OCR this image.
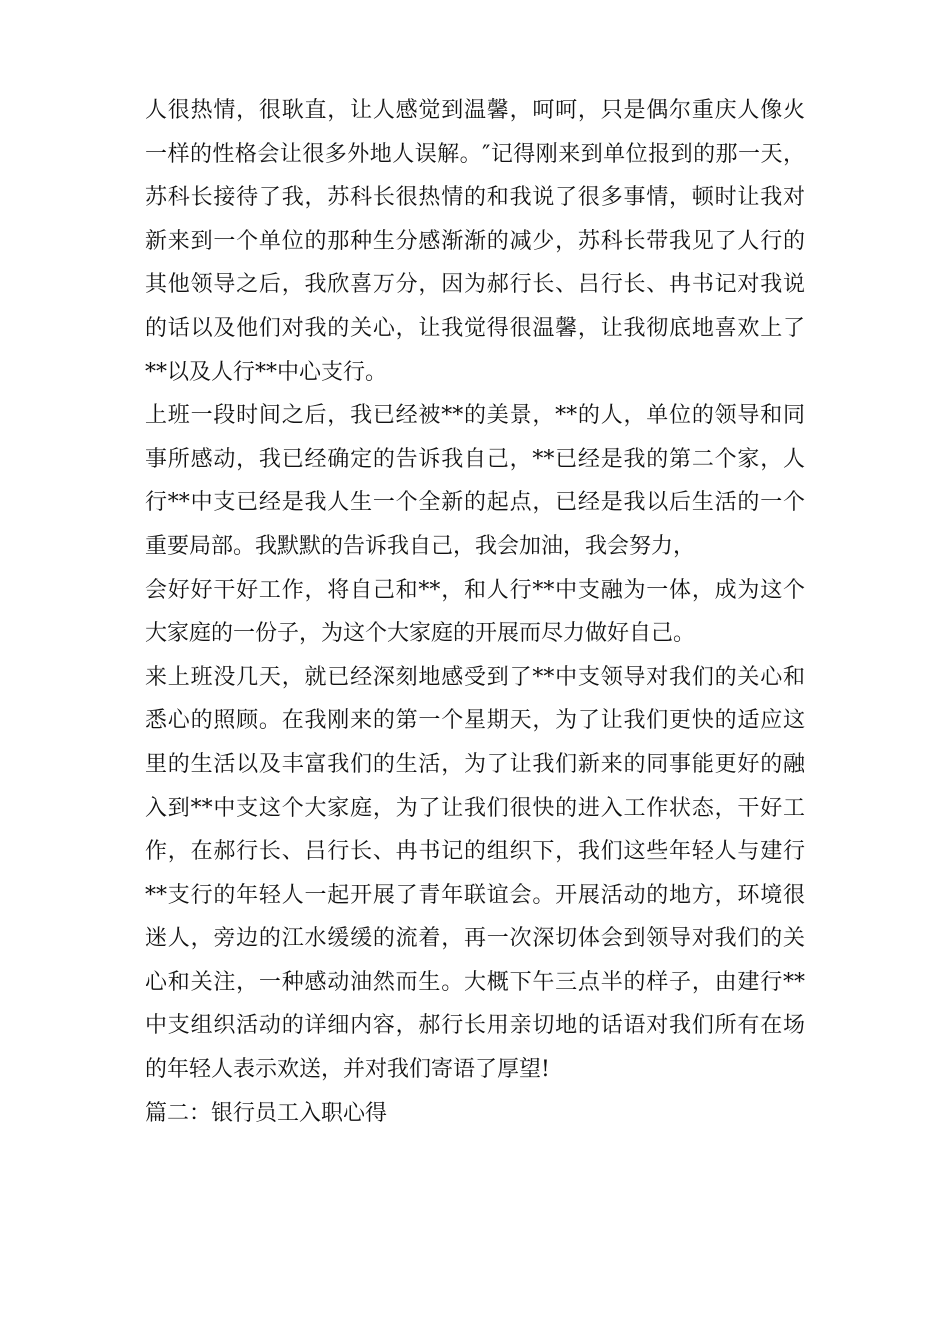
人很热情，很耿直，让人感觉到温馨，呵呵，只是偶尔重庆人像火
一样的性格会让很多外地人误解。″记得刚来到单位报到的那一天，
苏科长接待了我，苏科长很热情的和我说了很多事情，顿时让我对
新来到一个单位的那种生分感渐渐的减少，苏科长带我见了人行的
其他领导之后，我欣喜万分，因为郝行长、吕行长、冉书记对我说
的话以及他们对我的关心，让我觉得很温馨，让我彻底地喜欢上了
**以及人行**中心支行。
上班一段时间之后，我已经被**的美景，**的人，单位的领导和同
事所感动，我已经确定的告诉我自己，**已经是我的第二个家，人
行**中支已经是我人生一个全新的起点，已经是我以后生活的一个
重要局部。我默默的告诉我自己，我会加油，我会努力，
会好好干好工作，将自己和**，和人行**中支融为一体，成为这个
大家庭的一份子，为这个大家庭的开展而尽力做好自己。
来上班没几天，就已经深刻地感受到了**中支领导对我们的关心和
悉心的照顾。在我刚来的第一个星期天，为了让我们更快的适应这
里的生活以及丰富我们的生活，为了让我们新来的同事能更好的融
入到**中支这个大家庭，为了让我们很快的进入工作状态，干好工
作，在郝行长、吕行长、冉书记的组织下，我们这些年轻人与建行
**支行的年轻人一起开展了青年联谊会。开展活动的地方，环境很
迷人，旁边的江水缓缓的流着，再一次深切体会到领导对我们的关
心和关注，一种感动油然而生。大概下午三点半的样子，由建行**
中支组织活动的详细内容，郝行长用亲切地的话语对我们所有在场
的年轻人表示欢送，并对我们寄语了厚望!
篇二：银行员工入职心得
